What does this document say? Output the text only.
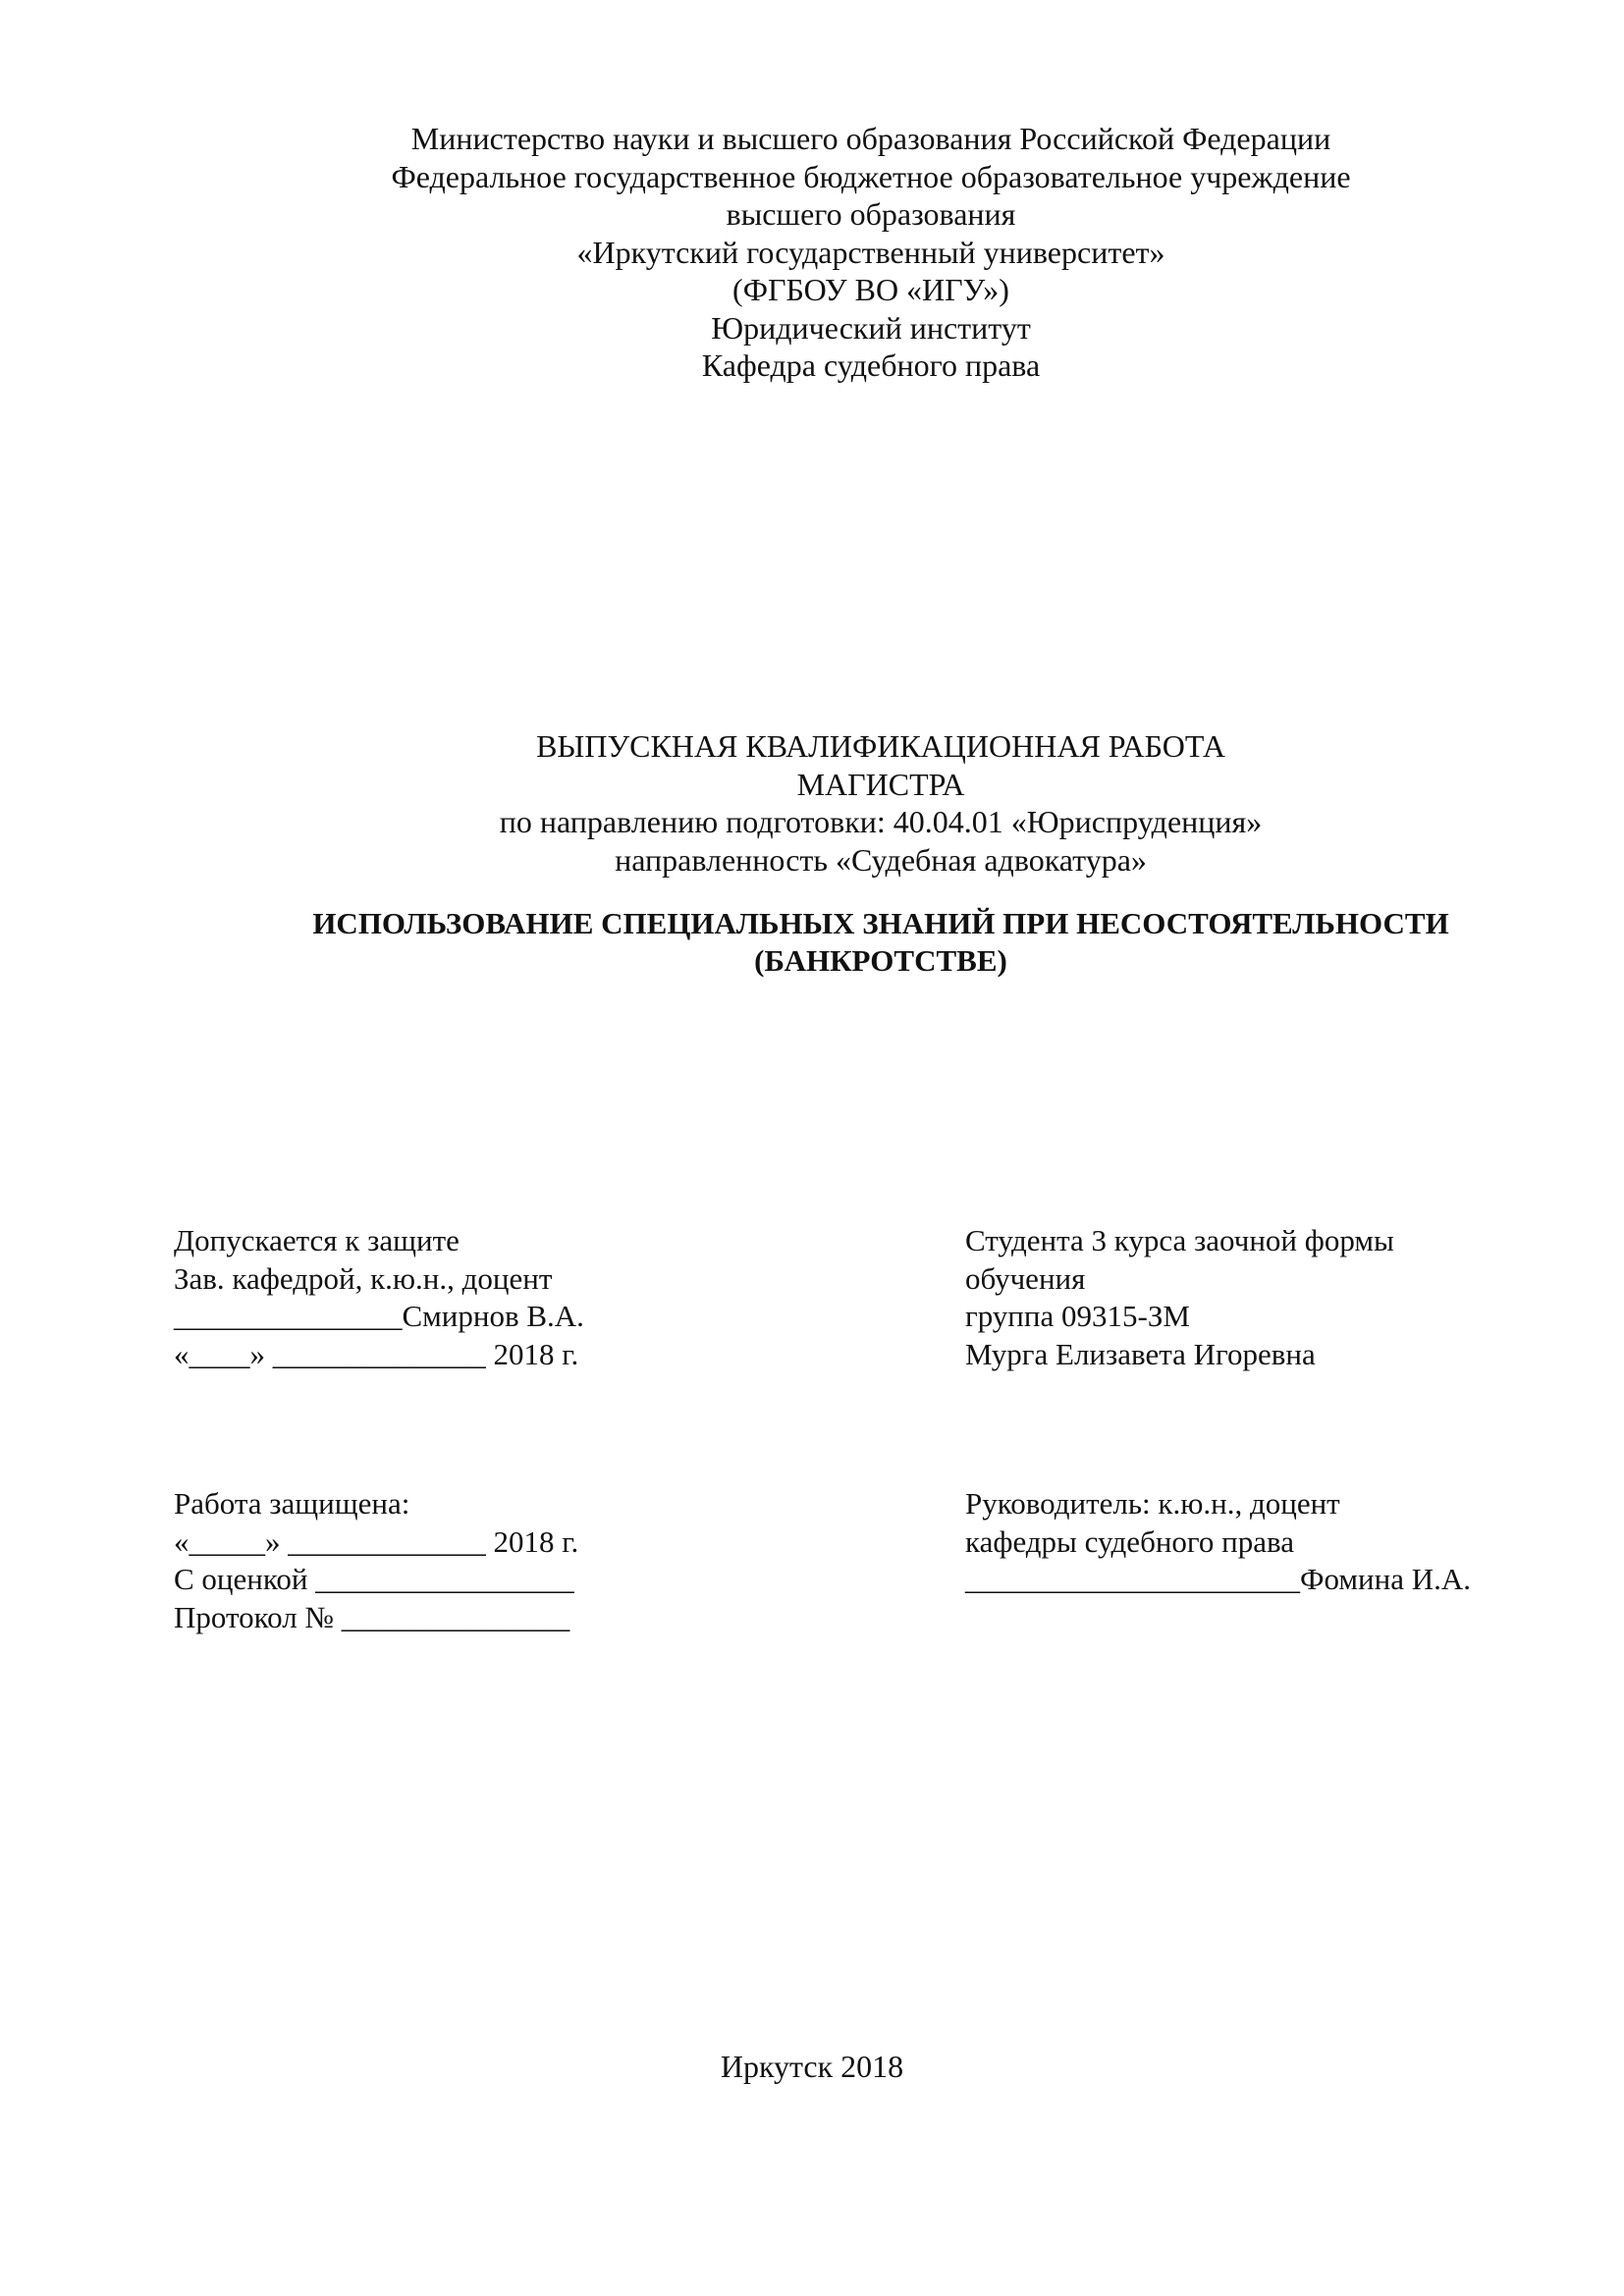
Министерство науки и высшего образования Российской Федерации
Федеральное государственное бюджетное образовательное учреждение
высшего образования
«Иркутский государственный университет»
(ФГБОУ ВО «ИГУ»)
Юридический институт
Кафедра судебного права
ВЫПУСКНАЯ КВАЛИФИКАЦИОННАЯ РАБОТА
МАГИСТРА
по направлению подготовки: 40.04.01 «Юриспруденция»
направленность «Судебная адвокатура»
ИСПОЛЬЗОВАНИЕ СПЕЦИАЛЬНЫХ ЗНАНИЙ ПРИ НЕСОСТОЯТЕЛЬНОСТИ
(БАНКРОТСТВЕ)
Допускается к защите
Зав. кафедрой, к.ю.н., доцент
_______________Смирнов В.А.
«____» ______________ 2018 г.
Студента 3 курса заочной формы
обучения
группа 09315-ЗМ
Мурга Елизавета Игоревна
Работа защищена:
«_____» _____________ 2018 г.
С оценкой _________________
Протокол № _______________
Руководитель: к.ю.н., доцент
кафедры судебного права
______________________Фомина И.А.
Иркутск 2018
